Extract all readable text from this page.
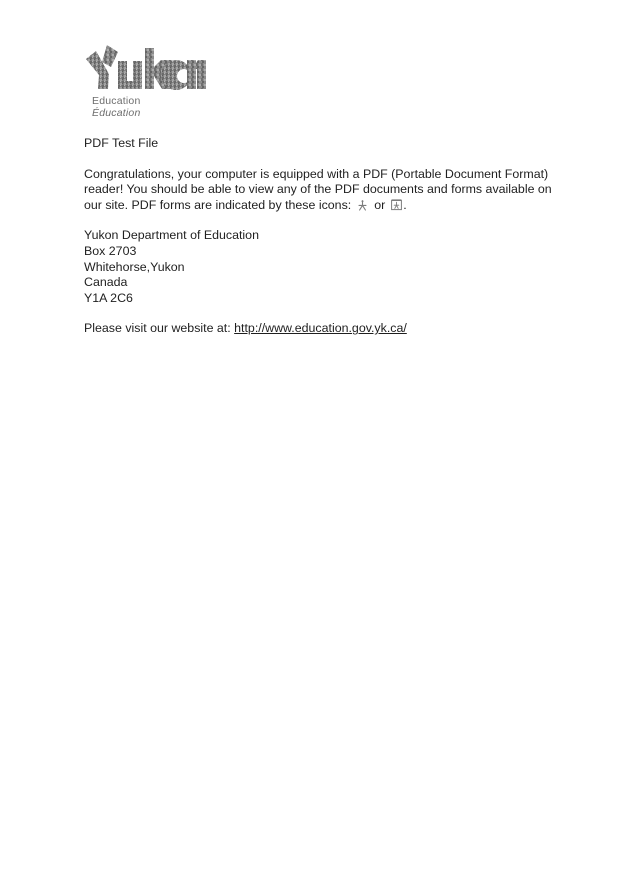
Education
Éducation

PDF Test File

Congratulations, your computer is equipped with a PDF (Portable Document Format) reader! You should be able to view any of the PDF documents and forms available on our site. PDF forms are indicated by these icons: or .

Yukon Department of Education
Box 2703
Whitehorse,Yukon
Canada
Y1A 2C6

Please visit our website at: http://www.education.gov.yk.ca/
